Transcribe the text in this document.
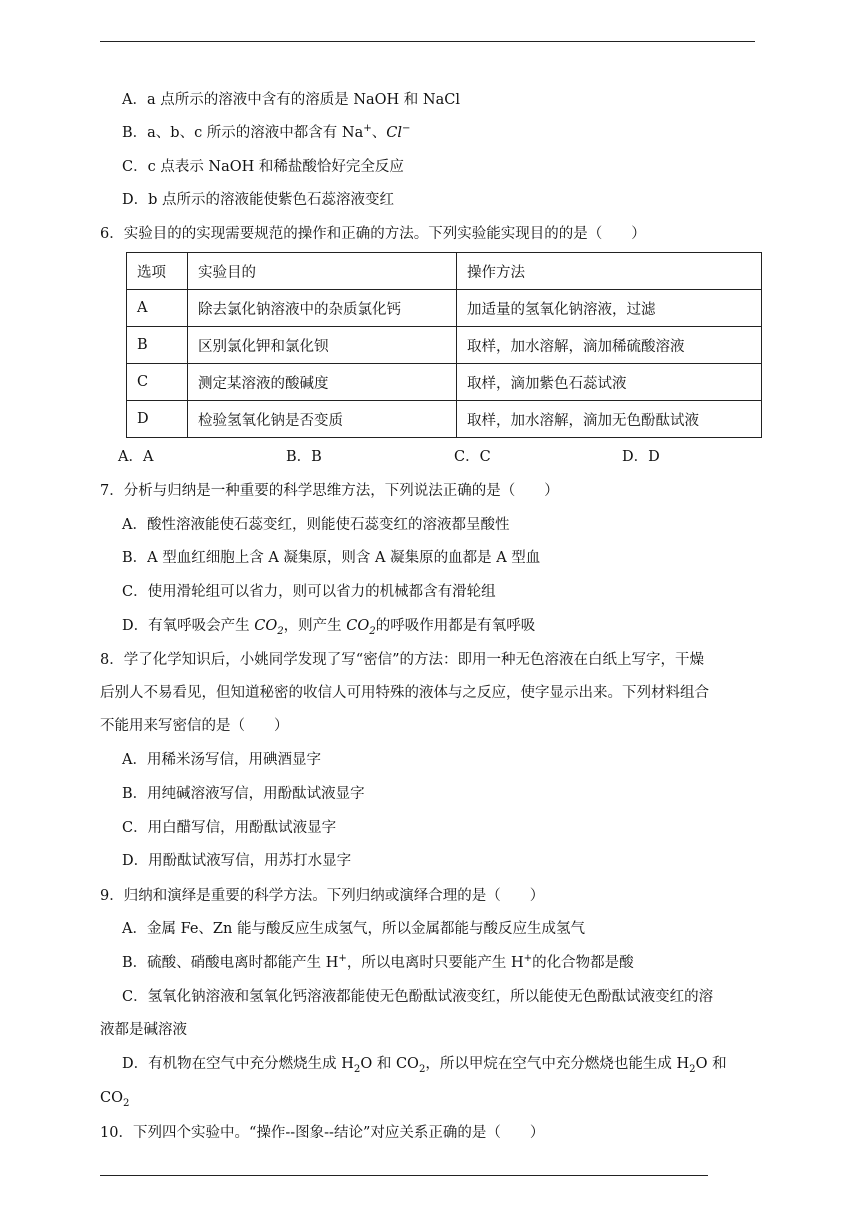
A．a 点所示的溶液中含有的溶质是 NaOH 和 NaCl
B．a、b、c 所示的溶液中都含有 Na+、Cl−
C．c 点表示 NaOH 和稀盐酸恰好完全反应
D．b 点所示的溶液能使紫色石蕊溶液变红
6．实验目的的实现需要规范的操作和正确的方法。下列实验能实现目的的是（　　）
选项	实验目的	操作方法
A	除去氯化钠溶液中的杂质氯化钙	加适量的氢氧化钠溶液，过滤
B	区别氯化钾和氯化钡	取样，加水溶解，滴加稀硫酸溶液
C	测定某溶液的酸碱度	取样，滴加紫色石蕊试液
D	检验氢氧化钠是否变质	取样，加水溶解，滴加无色酚酞试液
A．A	B．B	C．C	D．D
7．分析与归纳是一种重要的科学思维方法，下列说法正确的是（　　）
A．酸性溶液能使石蕊变红，则能使石蕊变红的溶液都呈酸性
B．A 型血红细胞上含 A 凝集原，则含 A 凝集原的血都是 A 型血
C．使用滑轮组可以省力，则可以省力的机械都含有滑轮组
D．有氧呼吸会产生 $CO_2$，则产生 $CO_2$的呼吸作用都是有氧呼吸
8．学了化学知识后，小姚同学发现了写“密信”的方法：即用一种无色溶液在白纸上写字，干燥
后别人不易看见，但知道秘密的收信人可用特殊的液体与之反应，使字显示出来。下列材料组合
不能用来写密信的是（　　）
A．用稀米汤写信，用碘酒显字
B．用纯碱溶液写信，用酚酞试液显字
C．用白醋写信，用酚酞试液显字
D．用酚酞试液写信，用苏打水显字
9．归纳和演绎是重要的科学方法。下列归纳或演绎合理的是（　　）
A．金属 Fe、Zn 能与酸反应生成氢气，所以金属都能与酸反应生成氢气
B．硫酸、硝酸电离时都能产生 H+，所以电离时只要能产生 H+的化合物都是酸
C．氢氧化钠溶液和氢氧化钙溶液都能使无色酚酞试液变红，所以能使无色酚酞试液变红的溶
液都是碱溶液
D．有机物在空气中充分燃烧生成 $H_2O$ 和 $CO_2$，所以甲烷在空气中充分燃烧也能生成 $H_2O$ 和
$CO_2$
10．下列四个实验中。“操作--图象--结论”对应关系正确的是（　　）
